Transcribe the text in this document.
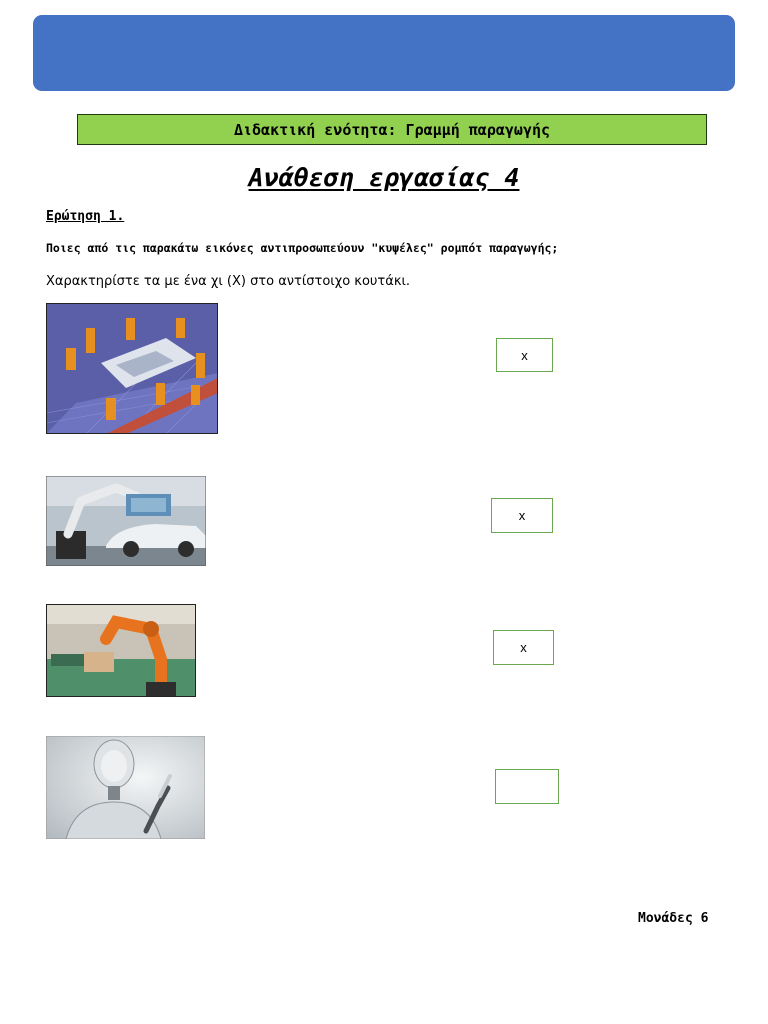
Διδακτική ενότητα: Γραμμή παραγωγής
Ανάθεση εργασίας 4
Ερώτηση 1.
Ποιες από τις παρακάτω εικόνες αντιπροσωπεύουν "κυψέλες" ρομπότ παραγωγής;
Χαρακτηρίστε τα με ένα χι (Χ) στο αντίστοιχο κουτάκι.
x
x
x
Μονάδες 6
